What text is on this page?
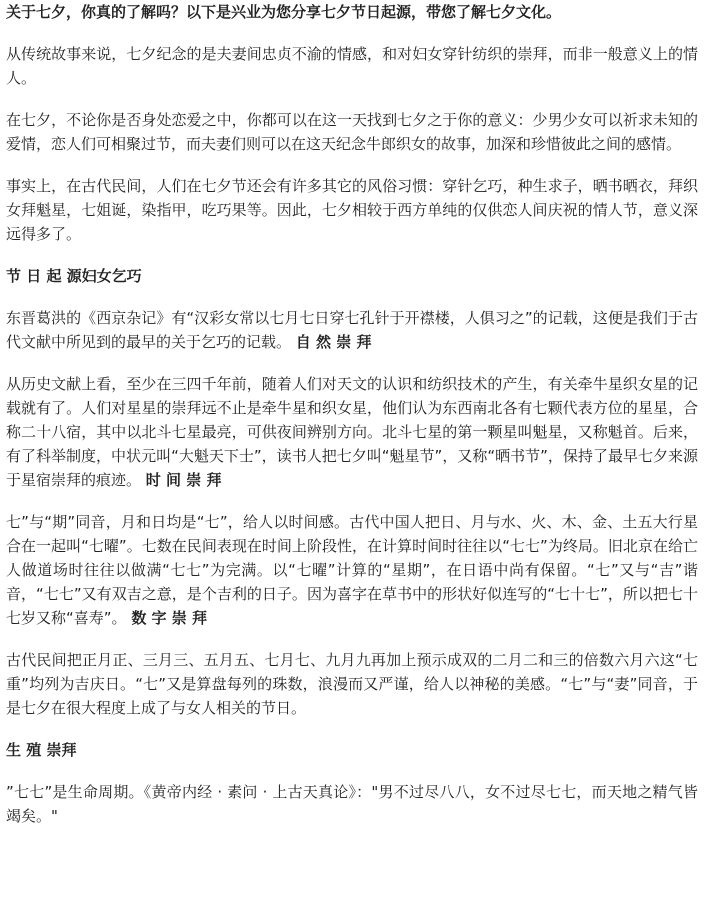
关于七夕，你真的了解吗？以下是兴业为您分享七夕节日起源，带您了解七夕文化。

从传统故事来说，七夕纪念的是夫妻间忠贞不渝的情感，和对妇女穿针纺织的崇拜，而非一般意义上的情人。

在七夕，不论你是否身处恋爱之中，你都可以在这一天找到七夕之于你的意义：少男少女可以祈求未知的爱情，恋人们可相聚过节，而夫妻们则可以在这天纪念牛郎织女的故事，加深和珍惜彼此之间的感情。

事实上，在古代民间，人们在七夕节还会有许多其它的风俗习惯：穿针乞巧，种生求子，晒书晒衣，拜织女拜魁星，七姐诞，染指甲，吃巧果等。因此，七夕相较于西方单纯的仅供恋人间庆祝的情人节，意义深远得多了。

节 日 起 源妇女乞巧

东晋葛洪的《西京杂记》有“汉彩女常以七月七日穿七孔针于开襟楼，人俱习之”的记载，这便是我们于古代文献中所见到的最早的关于乞巧的记载。 自 然 崇 拜

从历史文献上看，至少在三四千年前，随着人们对天文的认识和纺织技术的产生，有关牵牛星织女星的记载就有了。人们对星星的崇拜远不止是牵牛星和织女星，他们认为东西南北各有七颗代表方位的星星，合称二十八宿，其中以北斗七星最亮，可供夜间辨别方向。北斗七星的第一颗星叫魁星，又称魁首。后来，有了科举制度，中状元叫“大魁天下士”，读书人把七夕叫“魁星节”，又称“晒书节”，保持了最早七夕来源于星宿崇拜的痕迹。 时 间 崇 拜

七”与“期”同音，月和日均是“七”，给人以时间感。古代中国人把日、月与水、火、木、金、土五大行星合在一起叫“七曜”。七数在民间表现在时间上阶段性，在计算时间时往往以“七七”为终局。旧北京在给亡人做道场时往往以做满“七七”为完满。以“七曜”计算的“星期”，在日语中尚有保留。“七”又与“吉”谐音，“七七”又有双吉之意，是个吉利的日子。因为喜字在草书中的形状好似连写的“七十七”，所以把七十七岁又称“喜寿”。 数 字 崇 拜

古代民间把正月正、三月三、五月五、七月七、九月九再加上预示成双的二月二和三的倍数六月六这“七重”均列为吉庆日。“七”又是算盘每列的珠数，浪漫而又严谨，给人以神秘的美感。“七”与“妻”同音，于是七夕在很大程度上成了与女人相关的节日。

生 殖 崇拜

”七七”是生命周期。《黄帝内经 · 素问 · 上古天真论》："男不过尽八八，女不过尽七七，而天地之精气皆竭矣。"
